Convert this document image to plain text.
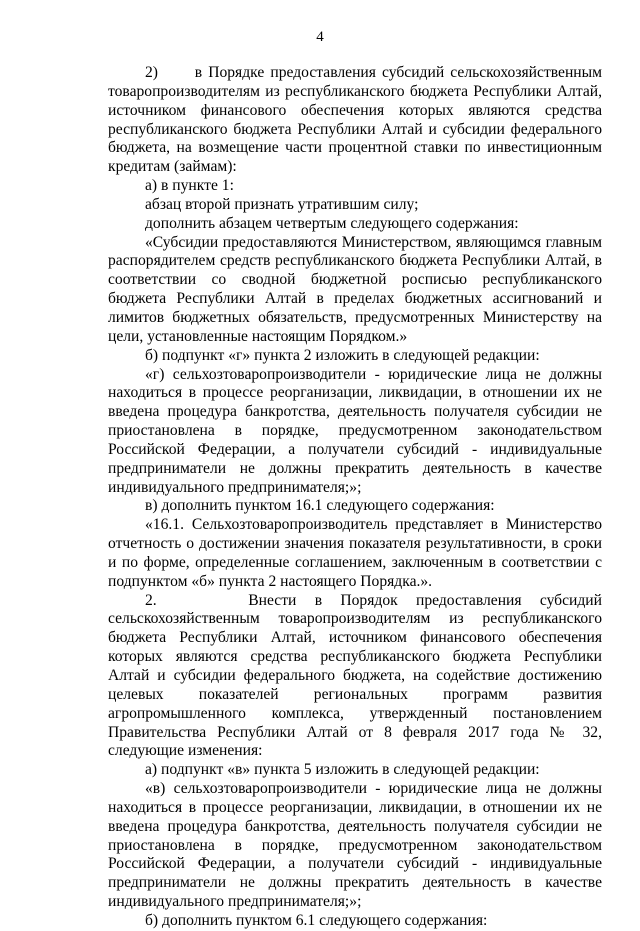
4

2)      в Порядке предоставления субсидий сельскохозяйственным товаропроизводителям из республиканского бюджета Республики Алтай, источником финансового обеспечения которых являются средства республиканского бюджета Республики Алтай и субсидии федерального бюджета, на возмещение части процентной ставки по инвестиционным кредитам (займам):

а) в пункте 1:

абзац второй признать утратившим силу;

дополнить абзацем четвертым следующего содержания:

«Субсидии предоставляются Министерством, являющимся главным распорядителем средств республиканского бюджета Республики Алтай, в соответствии со сводной бюджетной росписью республиканского бюджета Республики Алтай в пределах бюджетных ассигнований и лимитов бюджетных обязательств, предусмотренных Министерству на цели, установленные настоящим Порядком.»

б) подпункт «г» пункта 2 изложить в следующей редакции:

«г) сельхозтоваропроизводители - юридические лица не должны находиться в процессе реорганизации, ликвидации, в отношении их не введена процедура банкротства, деятельность получателя субсидии не приостановлена в порядке, предусмотренном законодательством Российской Федерации, а получатели субсидий - индивидуальные предприниматели не должны прекратить деятельность в качестве индивидуального предпринимателя;»;

в) дополнить пунктом 16.1 следующего содержания:

«16.1. Сельхозтоваропроизводитель представляет в Министерство отчетность о достижении значения показателя результативности, в сроки и по форме, определенные соглашением, заключенным в соответствии с подпунктом «б» пункта 2 настоящего Порядка.».

2.     Внести в Порядок предоставления субсидий сельскохозяйственным товаропроизводителям из республиканского бюджета Республики Алтай, источником финансового обеспечения которых являются средства республиканского бюджета Республики Алтай и субсидии федерального бюджета, на содействие достижению целевых показателей региональных программ развития агропромышленного комплекса, утвержденный постановлением Правительства Республики Алтай от 8 февраля 2017 года № 32, следующие изменения:

а) подпункт «в» пункта 5 изложить в следующей редакции:

«в) сельхозтоваропроизводители - юридические лица не должны находиться в процессе реорганизации, ликвидации, в отношении их не введена процедура банкротства, деятельность получателя субсидии не приостановлена в порядке, предусмотренном законодательством Российской Федерации, а получатели субсидий - индивидуальные предприниматели не должны прекратить деятельность в качестве индивидуального предпринимателя;»;

б) дополнить пунктом 6.1 следующего содержания:
